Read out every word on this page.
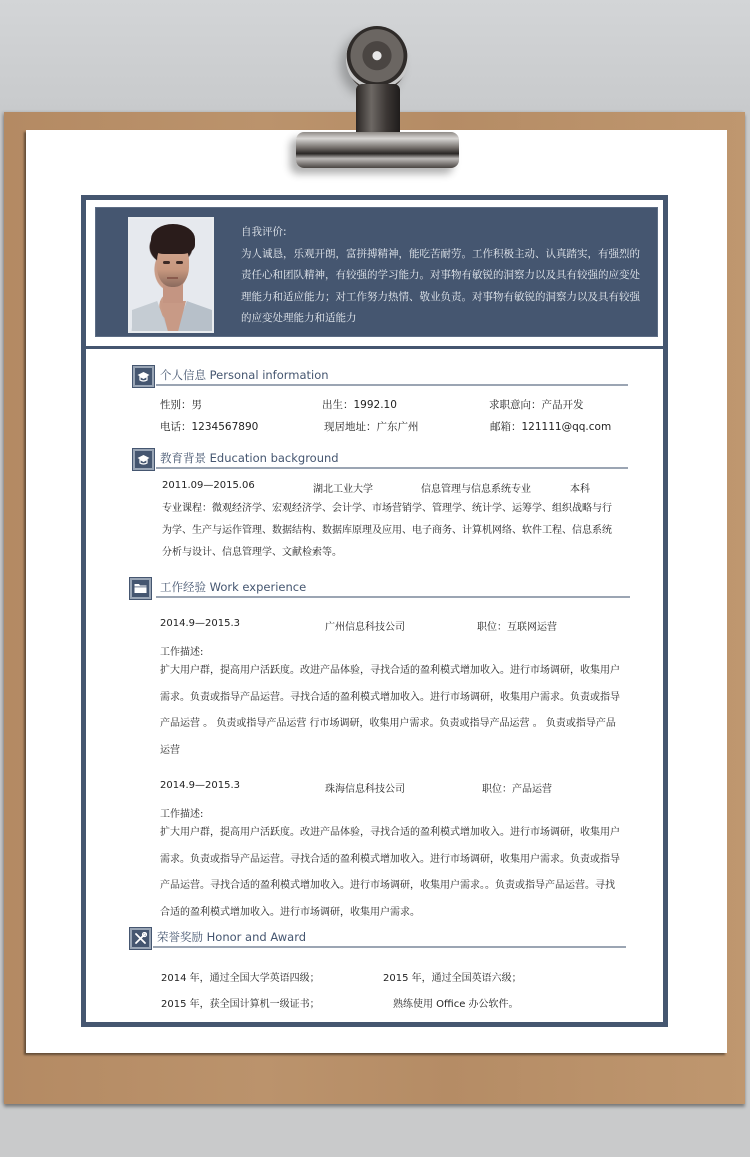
自我评价:
为人诚恳，乐观开朗，富拼搏精神，能吃苦耐劳。工作积极主动、认真踏实，有强烈的责任心和团队精神，有较强的学习能力。对事物有敏锐的洞察力以及具有较强的应变处理能力和适应能力；对工作努力热情、敬业负责。对事物有敏锐的洞察力以及具有较强的应变处理能力和适能力
个人信息 Personal information
性别：男	出生：1992.10	求职意向：产品开发
电话：1234567890	现居地址：广东广州	邮箱：121111@qq.com
教育背景 Education background
2011.09—2015.06	湖北工业大学	信息管理与信息系统专业	本科
专业课程：微观经济学、宏观经济学、会计学、市场营销学、管理学、统计学、运筹学、组织战略与行为学、生产与运作管理、数据结构、数据库原理及应用、电子商务、计算机网络、软件工程、信息系统分析与设计、信息管理学、文献检索等。
工作经验 Work experience
2014.9—2015.3	广州信息科技公司	职位：互联网运营
工作描述:
扩大用户群，提高用户活跃度。改进产品体验，寻找合适的盈利模式增加收入。进行市场调研，收集用户需求。负责或指导产品运营。寻找合适的盈利模式增加收入。进行市场调研，收集用户需求。负责或指导产品运营 。 负责或指导产品运营 行市场调研，收集用户需求。负责或指导产品运营 。 负责或指导产品运营
2014.9—2015.3	珠海信息科技公司	职位：产品运营
工作描述:
扩大用户群，提高用户活跃度。改进产品体验，寻找合适的盈利模式增加收入。进行市场调研，收集用户需求。负责或指导产品运营。寻找合适的盈利模式增加收入。进行市场调研，收集用户需求。负责或指导产品运营。寻找合适的盈利模式增加收入。进行市场调研，收集用户需求。。负责或指导产品运营。寻找合适的盈利模式增加收入。进行市场调研，收集用户需求。
荣誉奖励 Honor and Award
2014 年，通过全国大学英语四级；	2015 年，通过全国英语六级；
2015 年，获全国计算机一级证书；	熟练使用 Office 办公软件。
